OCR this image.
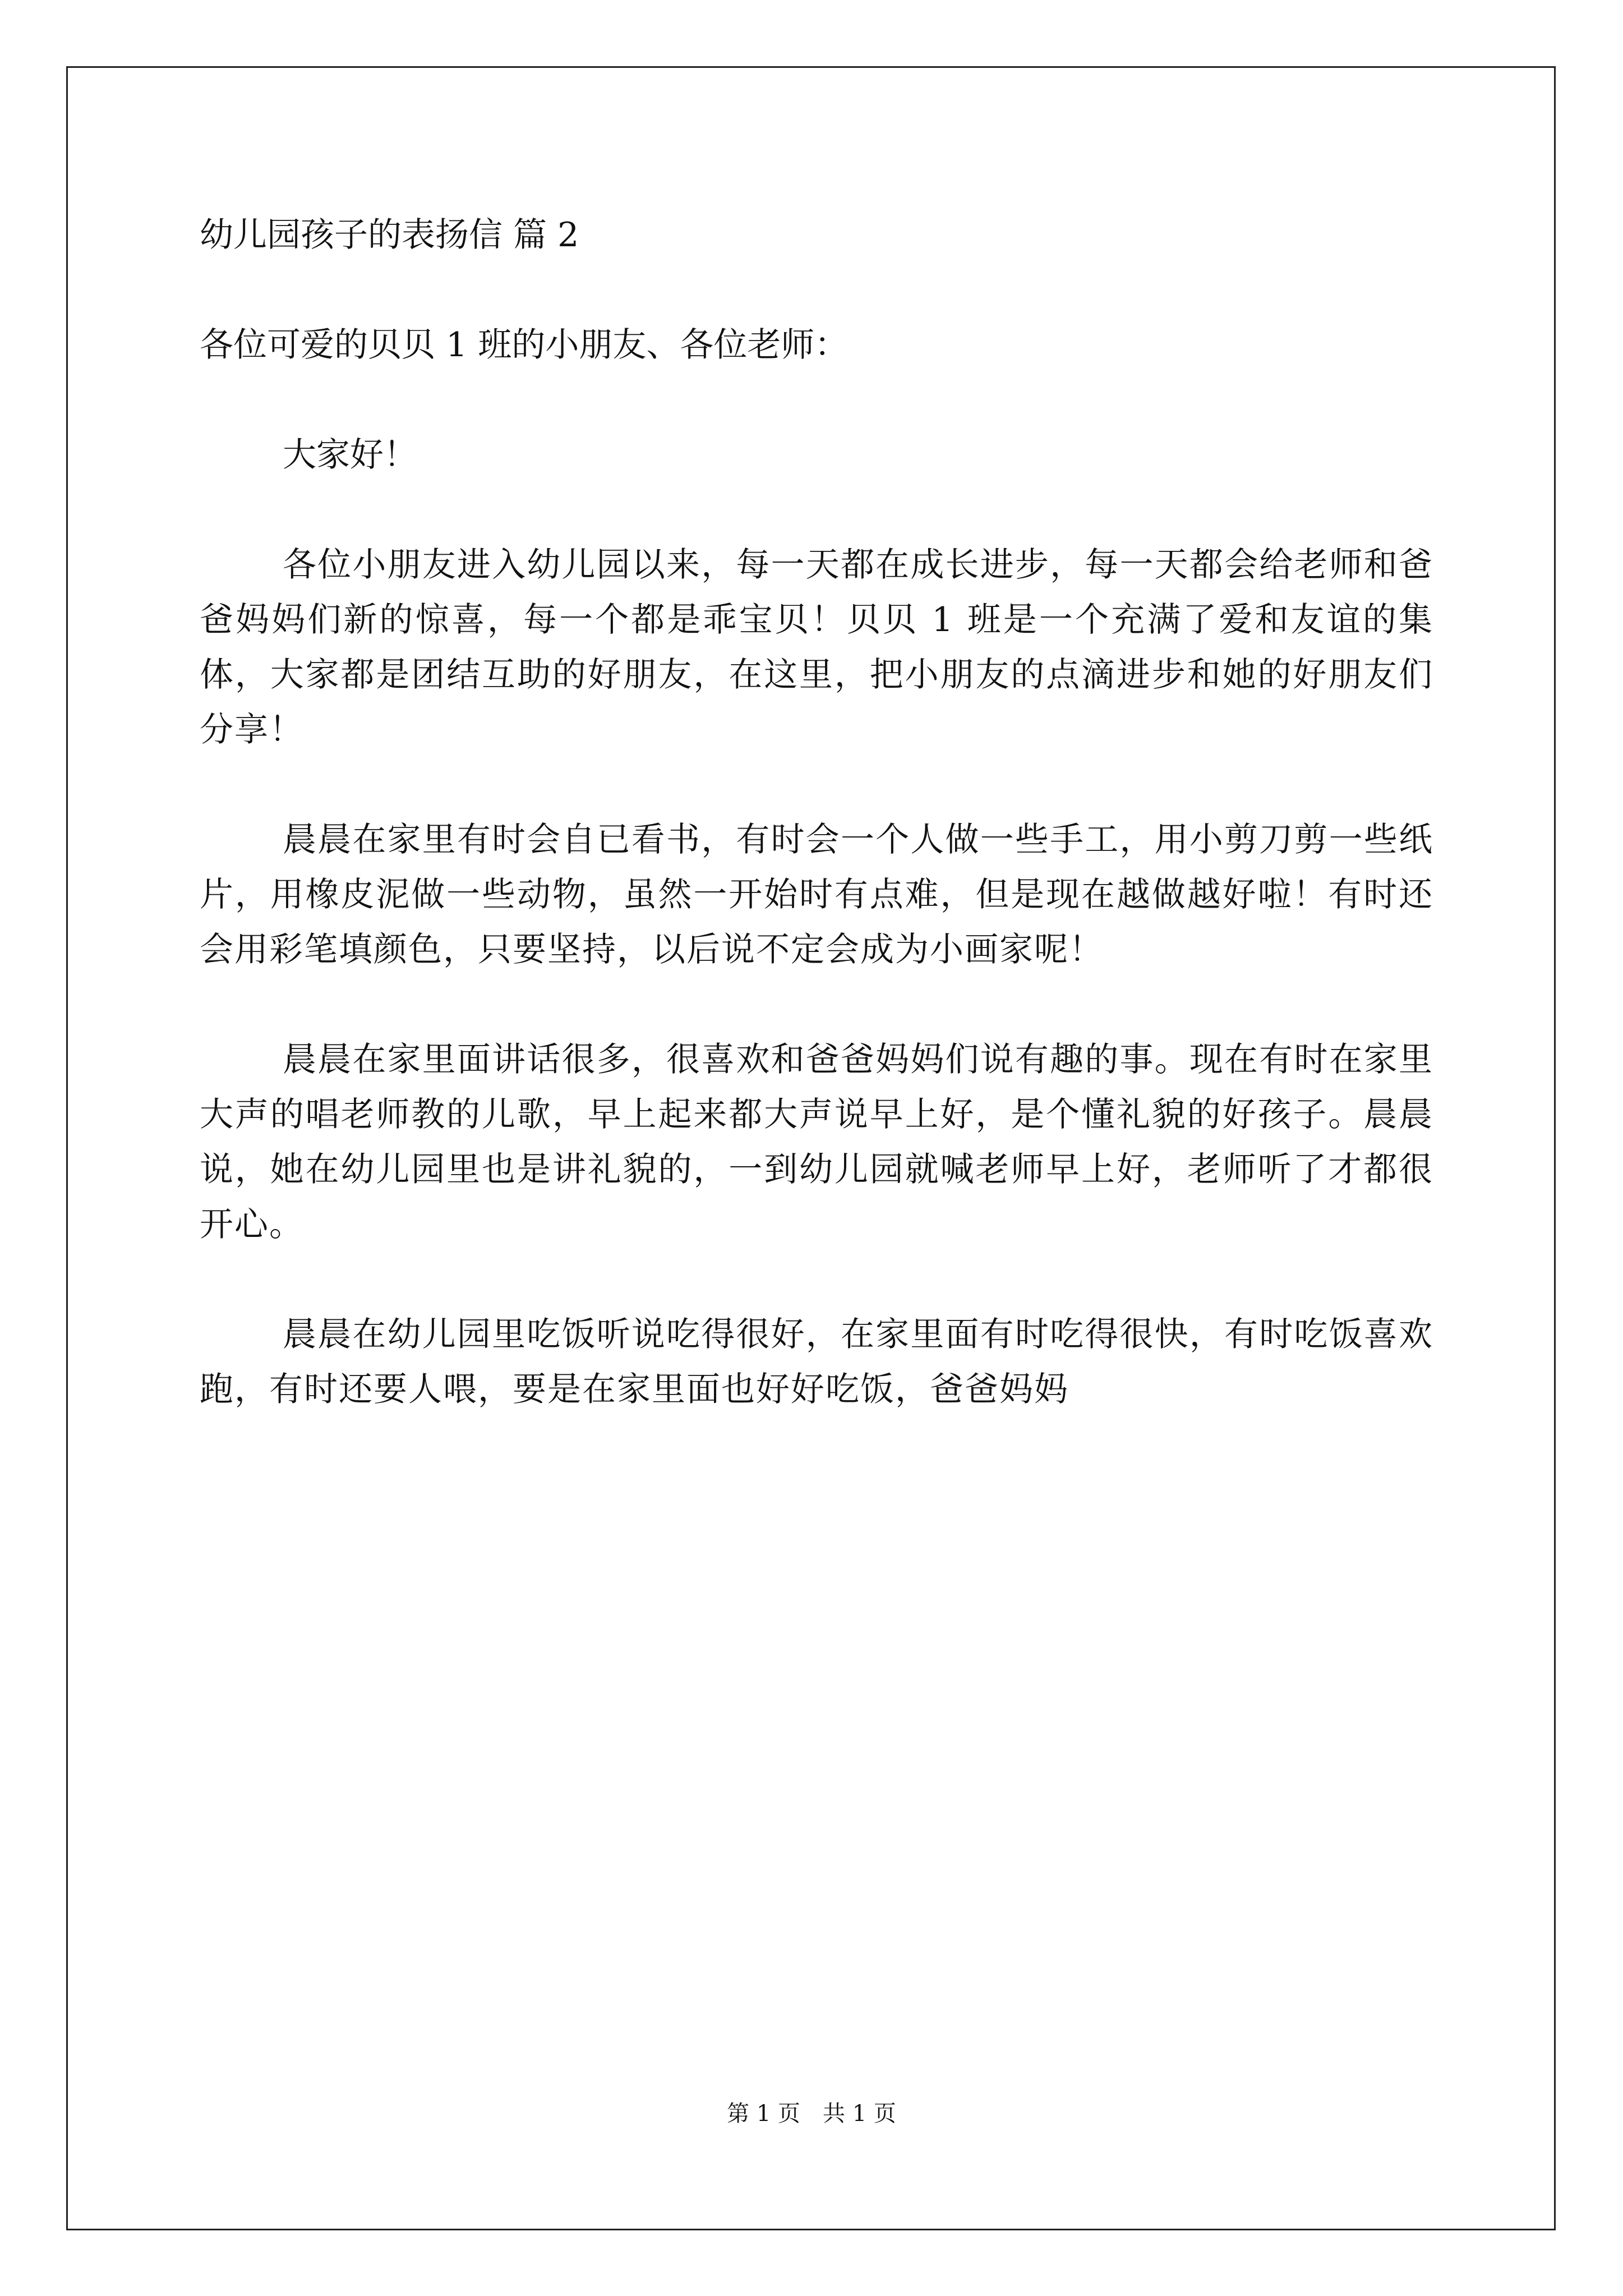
幼儿园孩子的表扬信 篇 2

各位可爱的贝贝 1 班的小朋友、各位老师：

大家好！

各位小朋友进入幼儿园以来，每一天都在成长进步，每一天都会给老师和爸爸妈妈们新的惊喜，每一个都是乖宝贝！贝贝 1 班是一个充满了爱和友谊的集体，大家都是团结互助的好朋友，在这里，把小朋友的点滴进步和她的好朋友们分享！

晨晨在家里有时会自已看书，有时会一个人做一些手工，用小剪刀剪一些纸片，用橡皮泥做一些动物，虽然一开始时有点难，但是现在越做越好啦！有时还会用彩笔填颜色，只要坚持，以后说不定会成为小画家呢！

晨晨在家里面讲话很多，很喜欢和爸爸妈妈们说有趣的事。现在有时在家里大声的唱老师教的儿歌，早上起来都大声说早上好，是个懂礼貌的好孩子。晨晨说，她在幼儿园里也是讲礼貌的，一到幼儿园就喊老师早上好，老师听了才都很开心。

晨晨在幼儿园里吃饭听说吃得很好，在家里面有时吃得很快，有时吃饭喜欢跑，有时还要人喂，要是在家里面也好好吃饭，爸爸妈妈

第 1 页　共 1 页
